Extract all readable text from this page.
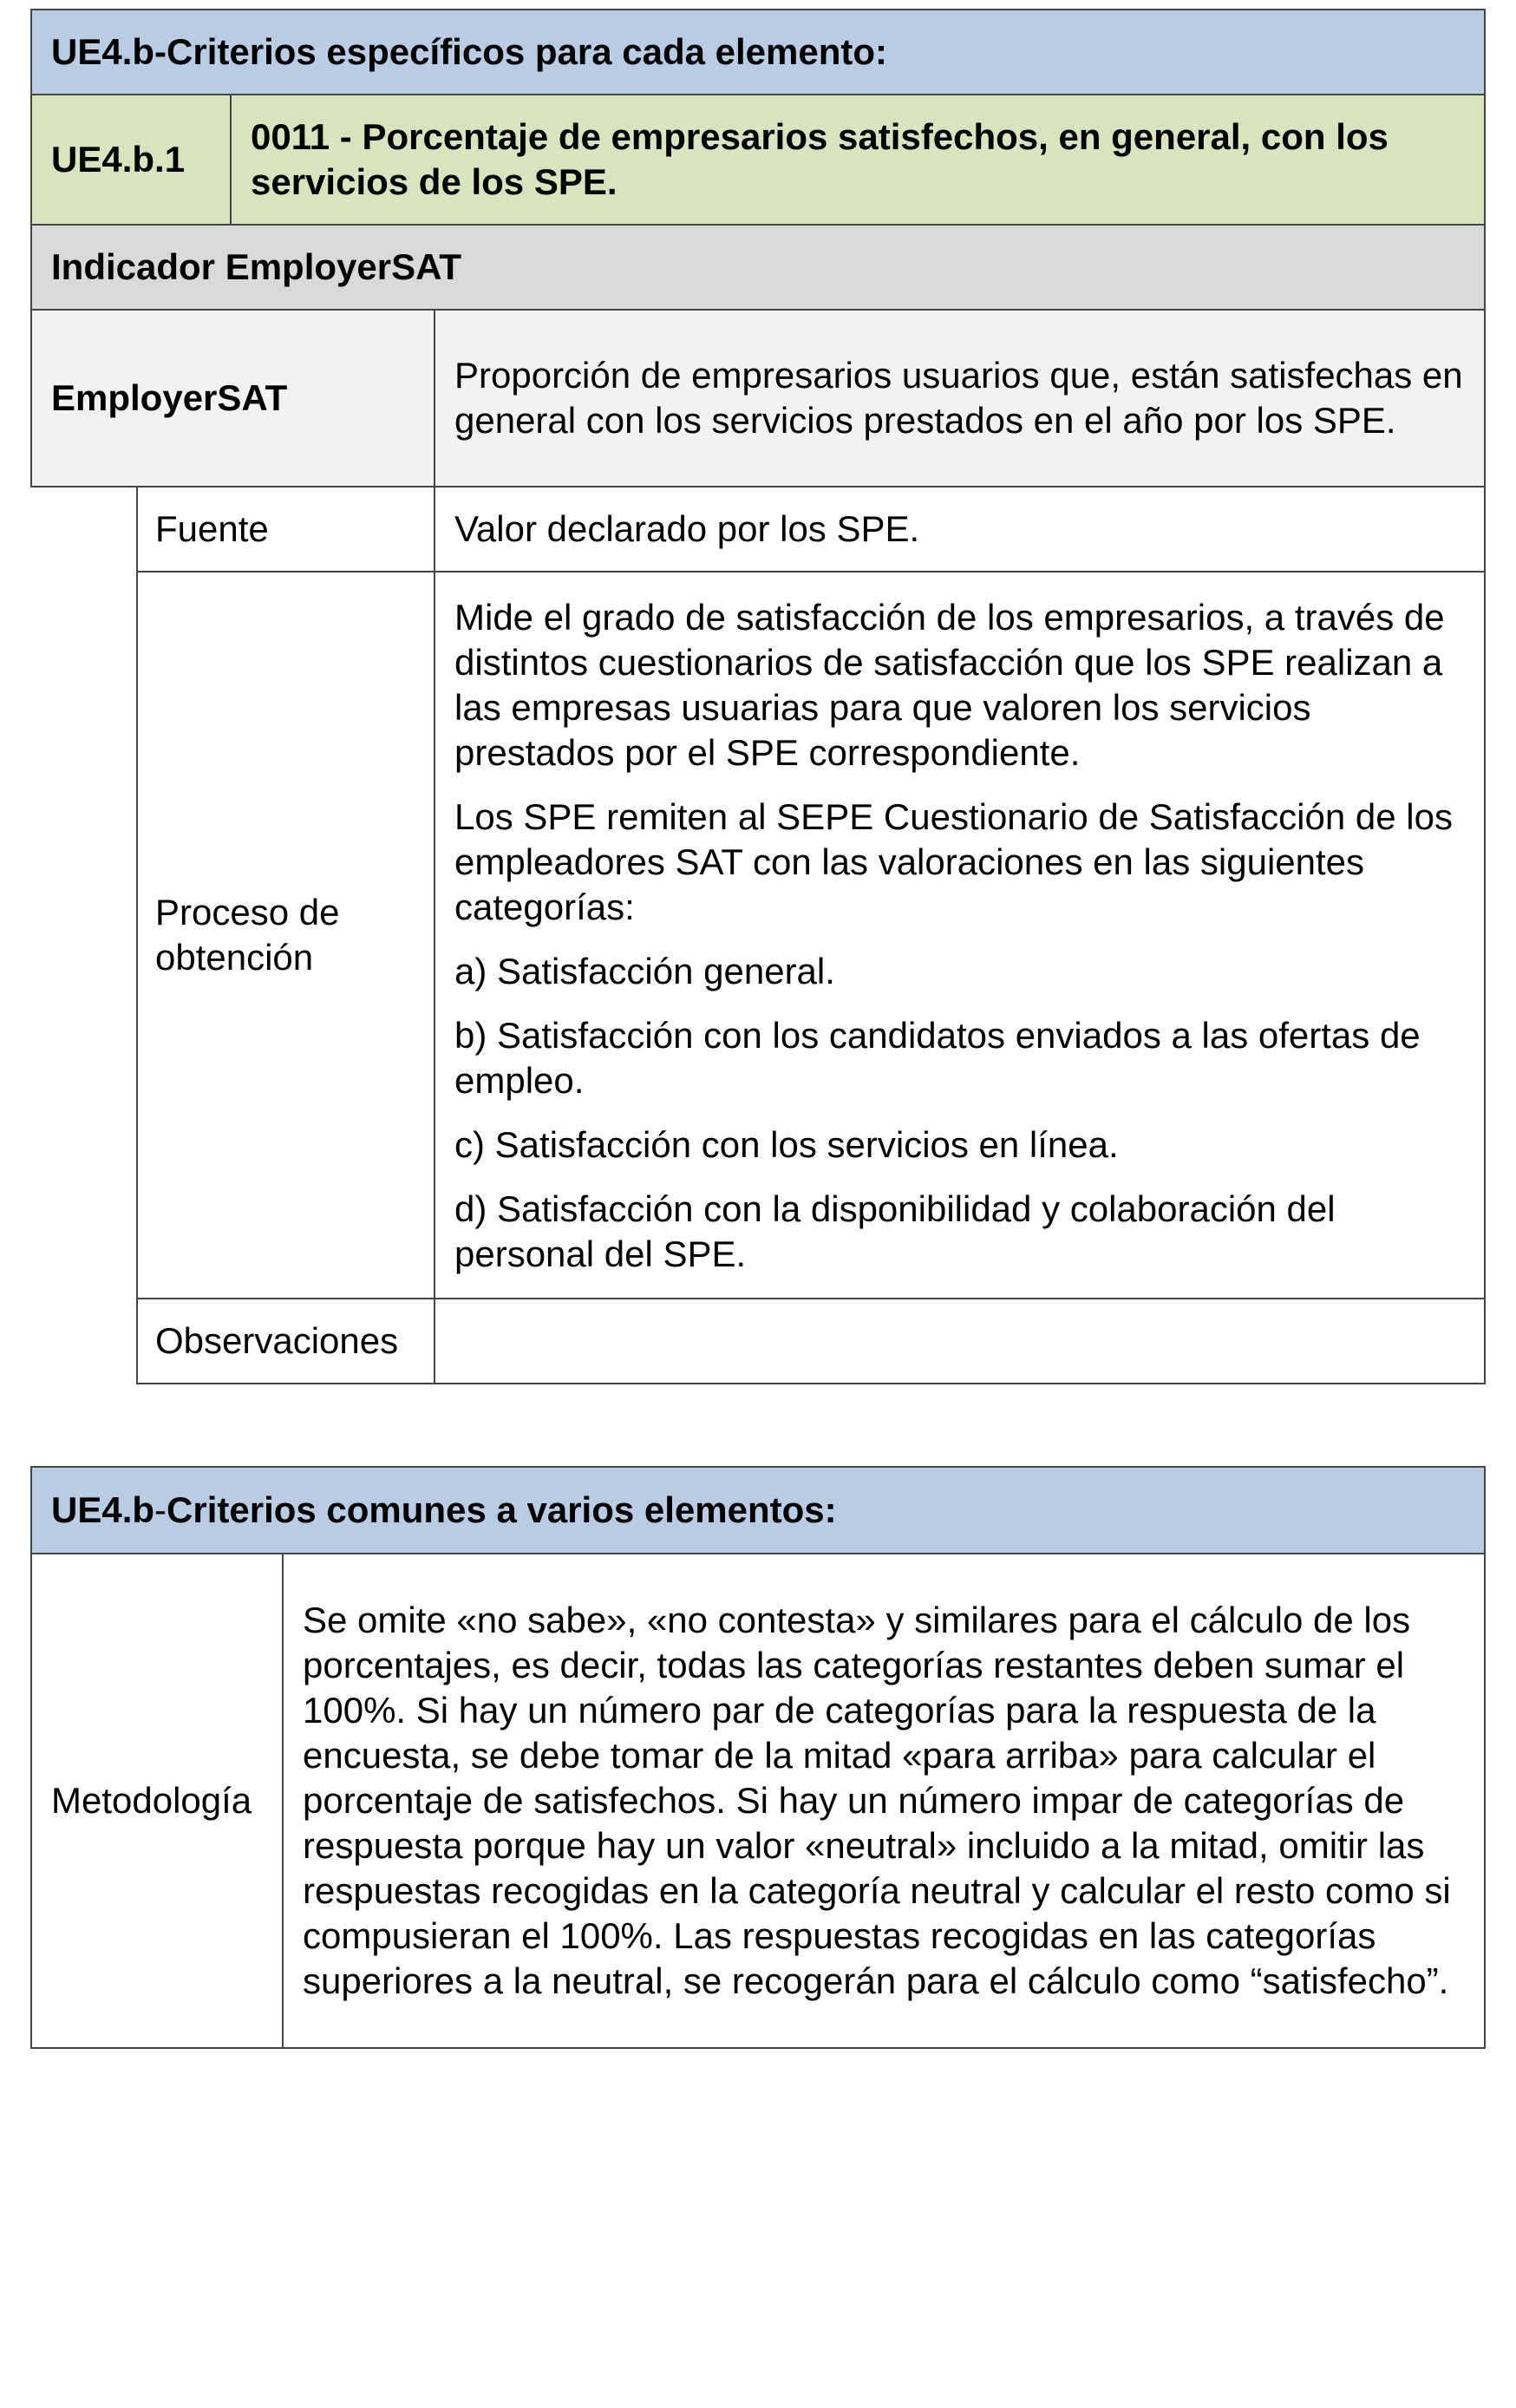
UE4.b - Criterios específicos para cada elemento:
UE4.b.1
0011 - Porcentaje de empresarios satisfechos, en general, con los servicios de los SPE.
Indicador EmployerSAT
EmployerSAT
Proporción de empresarios usuarios que, están satisfechas en general con los servicios prestados en el año por los SPE.
Fuente	Valor declarado por los SPE.
Proceso de obtención

Mide el grado de satisfacción de los empresarios, a través de distintos cuestionarios de satisfacción que los SPE realizan a las empresas usuarias para que valoren los servicios prestados por el SPE correspondiente.

Los SPE remiten al SEPE Cuestionario de Satisfacción de los empleadores SAT con las valoraciones en las siguientes categorías:

a) Satisfacción general.

b) Satisfacción con los candidatos enviados a las ofertas de empleo.

c) Satisfacción con los servicios en línea.

d) Satisfacción con la disponibilidad y colaboración del personal del SPE.

Observaciones
UE4.b - Criterios comunes a varios elementos:
Metodología
Se omite «no sabe», «no contesta» y similares para el cálculo de los porcentajes, es decir, todas las categorías restantes deben sumar el 100%. Si hay un número par de categorías para la respuesta de la encuesta, se debe tomar de la mitad «para arriba» para calcular el porcentaje de satisfechos. Si hay un número impar de categorías de respuesta porque hay un valor «neutral» incluido a la mitad, omitir las respuestas recogidas en la categoría neutral y calcular el resto como si compusieran el 100%. Las respuestas recogidas en las categorías superiores a la neutral, se recogerán para el cálculo como “satisfecho”.
